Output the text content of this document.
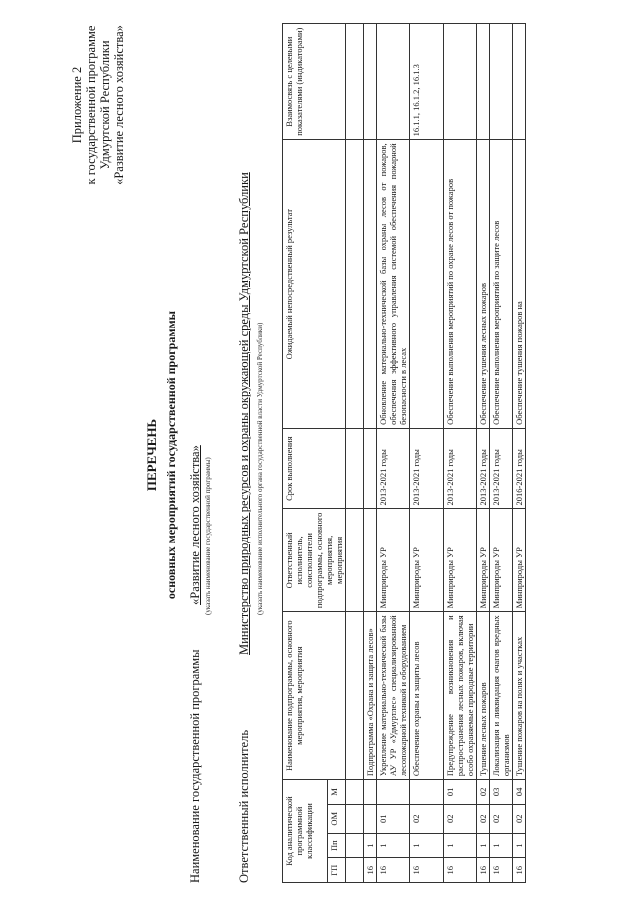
Приложение 2 к государственной программе Удмуртской Республики «Развитие лесного хозяйства»
ПЕРЕЧЕНЬ основных мероприятий государственной программы
Наименование государственной программы
«Развитие лесного хозяйства» (указать наименование государственной программы)
Ответственный исполнитель
Министерство природных ресурсов и охраны окружающей среды Удмуртской Республики (указать наименование исполнительного органа государственной власти Удмуртской Республики)
Код аналитической программной классификации				Наименование подпрограммы, основного мероприятия, мероприятия	Ответственный исполнитель, соисполнители подпрограммы, основного мероприятия, мероприятия	Срок выполнения	Ожидаемый непосредственный результат	Взаимосвязь с целевыми показателями (индикаторами)
ГП	Пп	ОМ	М					

16	1			Подпрограмма «Охрана и защита лесов»				
16	1	01		Укрепление материально-технической базы АУ УР «Удмуртлес» специализированной лесопожарной техникой и оборудованием	Минприроды УР	2013-2021 годы	Обновление материально-технической базы охраны лесов от пожаров, обеспечения эффективного управления системой обеспечения пожарной безопасности в лесах	
16	1	02		Обеспечение охраны и защиты лесов	Минприроды УР	2013-2021 годы		16.1.1, 16.1.2, 16.1.3
16	1	02	01	Предупреждение возникновения и распространения лесных пожаров, включая особо охраняемые природные территории	Минприроды УР	2013-2021 годы	Обеспечение выполнения мероприятий по охране лесов от пожаров	
16	1	02	02	Тушение лесных пожаров	Минприроды УР	2013-2021 годы	Обеспечение тушения лесных пожаров	
16	1	02	03	Локализация и ликвидация очагов вредных организмов	Минприроды УР	2013-2021 годы	Обеспечение выполнения мероприятий по защите лесов	
16	1	02	04	Тушение пожаров на полях и участках	Минприроды УР	2016-2021 годы	Обеспечение тушения пожаров на	
